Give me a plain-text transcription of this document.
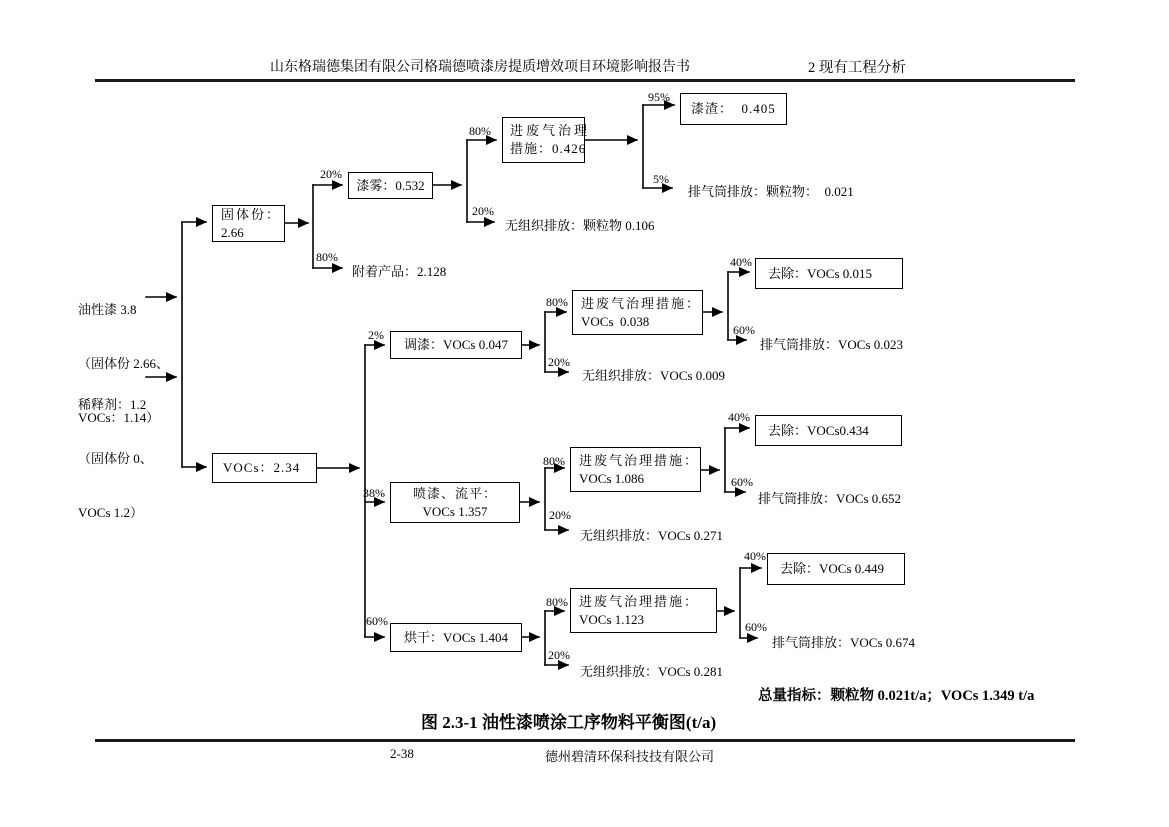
山东格瑞德集团有限公司格瑞德喷漆房提质增效项目环境影响报告书	2 现有工程分析

油性漆 3.8

（固体份 2.66、

VOCs：1.14）

稀释剂：1.2

（固体份 0、

VOCs 1.2）

固体份：
2.66
漆雾：0.532
进废气治理
措施：0.426
漆渣：  0.405
VOCs：2.34
调漆：VOCs 0.047
进废气治理措施：
VOCs  0.038
去除：VOCs 0.015
喷漆、流平：
VOCs 1.357
进废气治理措施：
VOCs 1.086
去除：VOCs0.434
烘干：VOCs 1.404
进废气治理措施：
VOCs 1.123
去除：VOCs 0.449
附着产品：2.128
无组织排放：颗粒物 0.106
排气筒排放：颗粒物：  0.021
无组织排放：VOCs 0.009
排气筒排放：VOCs 0.023
无组织排放：VOCs 0.271
排气筒排放：VOCs 0.652
无组织排放：VOCs 0.281
排气筒排放：VOCs 0.674
20%
80%
80%
20%
95%
5%
2%
38%
60%
80%
20%
40%
60%
80%
20%
40%
60%
80%
20%
40%
60%
总量指标：颗粒物 0.021t/a；VOCs 1.349 t/a
图 2.3-1 油性漆喷涂工序物料平衡图(t/a)
2-38	德州碧清环保科技技有限公司
